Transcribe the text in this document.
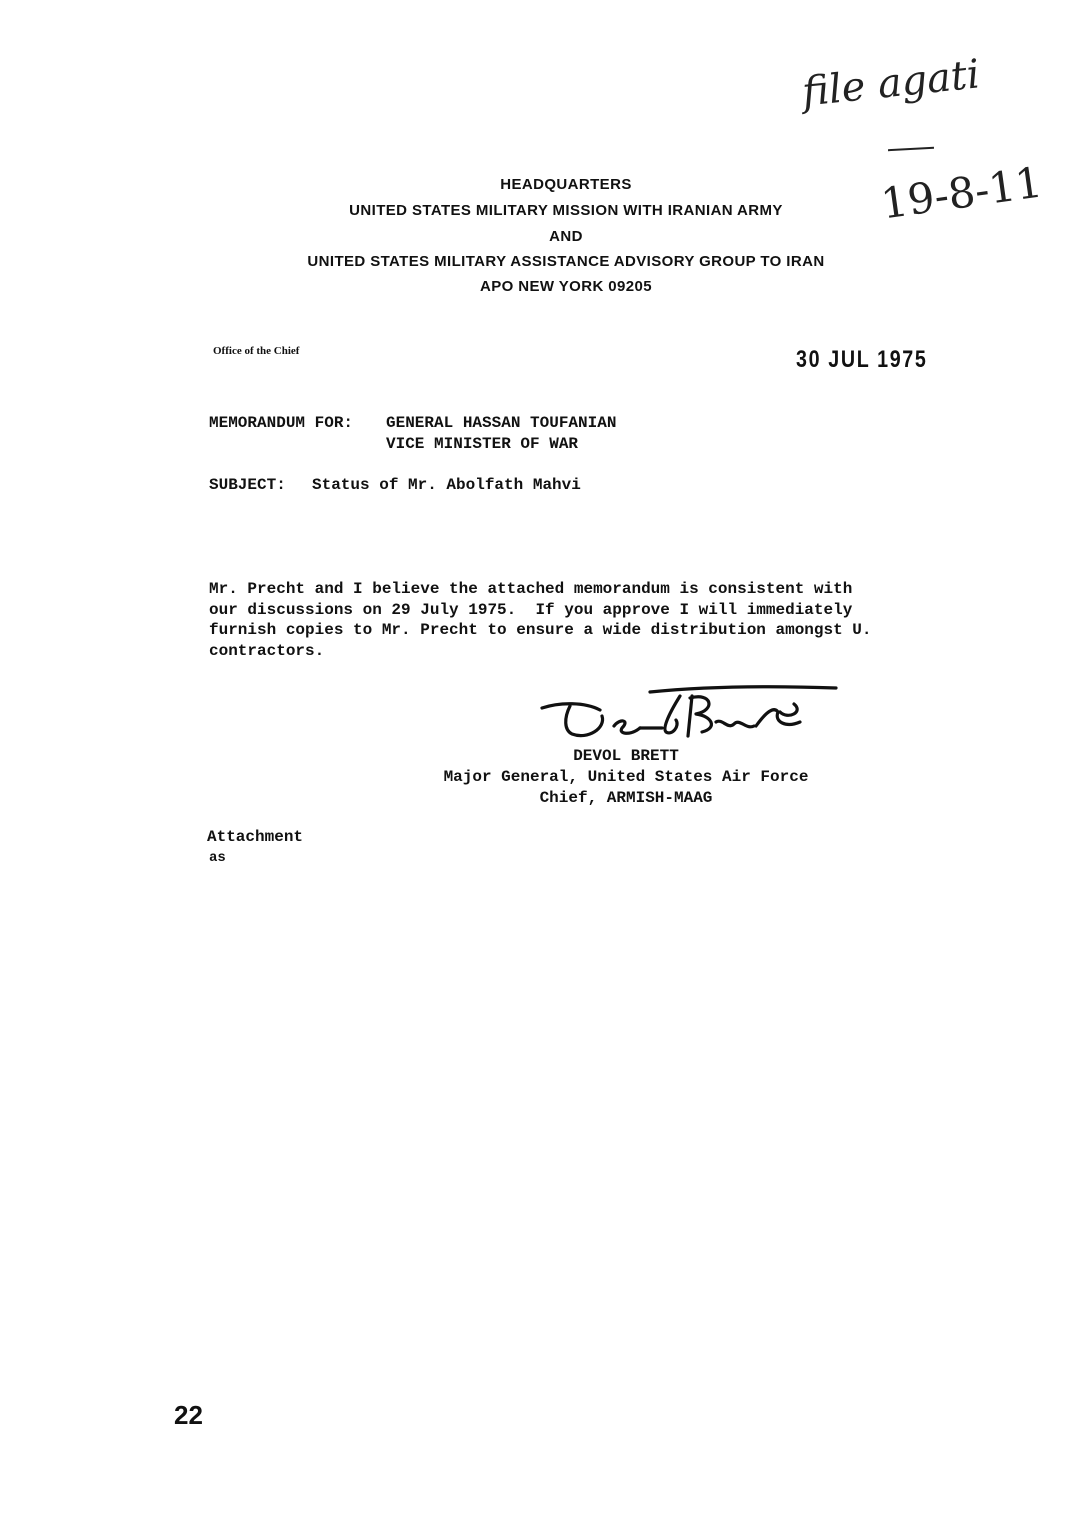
file agati
19-8-11
HEADQUARTERS
UNITED STATES MILITARY MISSION WITH IRANIAN ARMY
AND
UNITED STATES MILITARY ASSISTANCE ADVISORY GROUP TO IRAN
APO NEW YORK 09205
Office of the Chief	30 JUL 1975
MEMORANDUM FOR: GENERAL HASSAN TOUFANIAN
VICE MINISTER OF WAR
SUBJECT: Status of Mr. Abolfath Mahvi
Mr. Precht and I believe the attached memorandum is consistent with
our discussions on 29 July 1975.  If you approve I will immediately
furnish copies to Mr. Precht to ensure a wide distribution amongst U.
contractors.
DEVOL BRETT
Major General, United States Air Force
Chief, ARMISH-MAAG
Attachment
as
22
